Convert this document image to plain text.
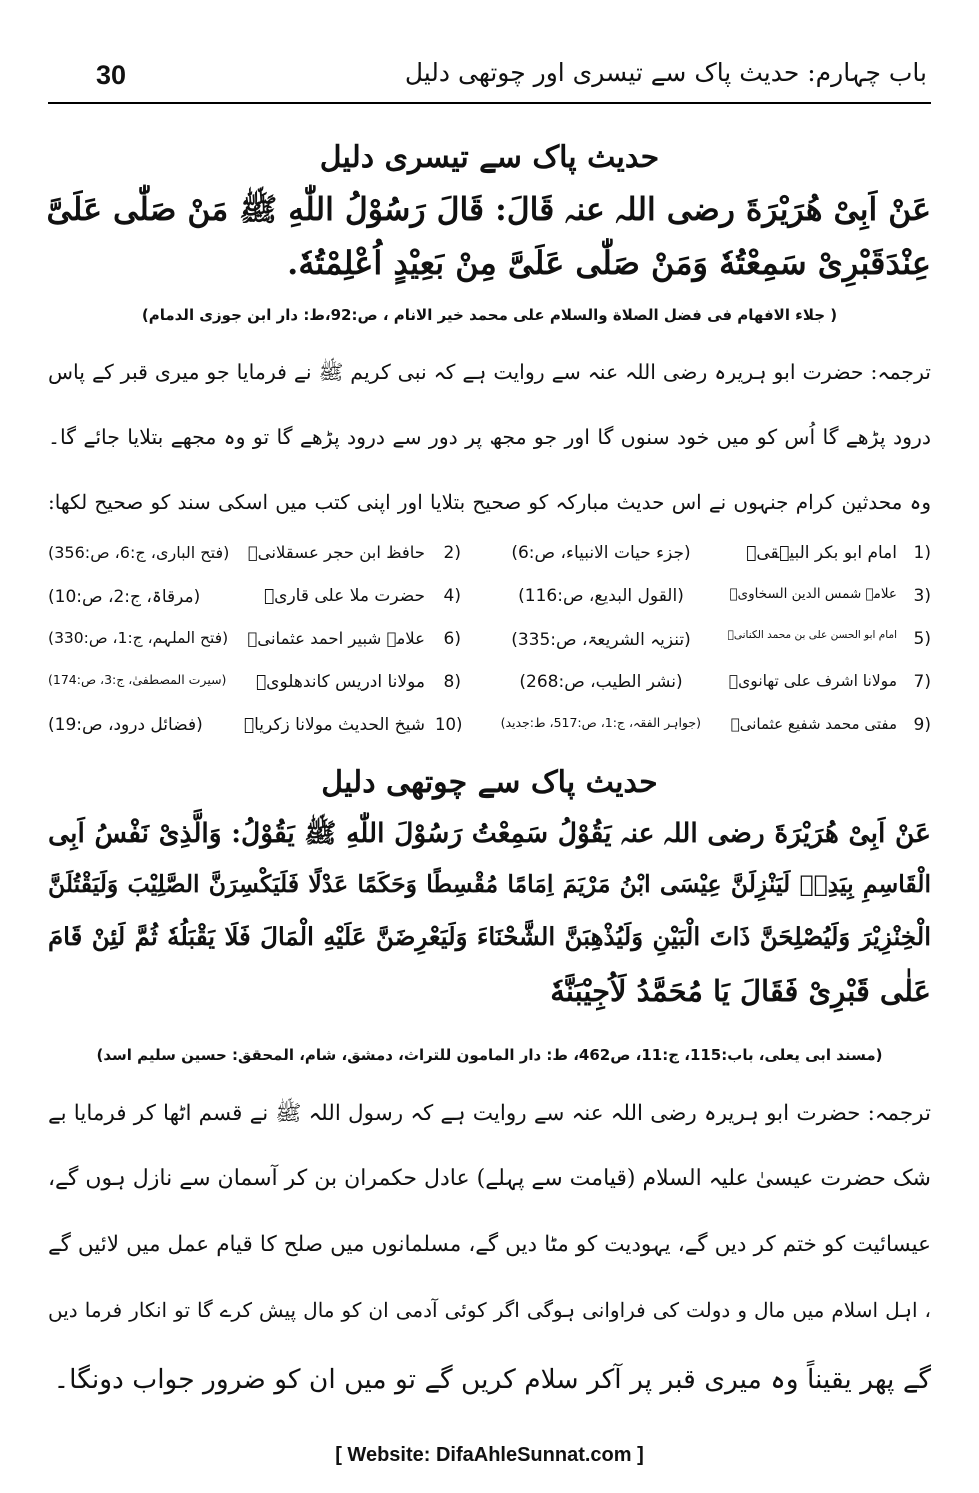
باب چہارم: حدیث پاک سے تیسری اور چوتھی دلیل
30
حدیث پاک سے تیسری دلیل
عَنْ اَبِیْ هُرَیْرَةَ رضی اللہ عنہ قَالَ: قَالَ رَسُوْلُ اللّٰهِ ﷺ مَنْ صَلّٰی عَلَیَّ
عِنْدَقَبْرِیْ سَمِعْتُهٗ وَمَنْ صَلّٰی عَلَیَّ مِنْ بَعِیْدٍ اُعْلِمْتُهٗ.
( جلاء الافهام فی فضل الصلاة والسلام علی محمد خیر الانام ، ص:92،ط: دار ابن جوزی الدمام)
ترجمہ: حضرت ابو ہریرہ رضی اللہ عنہ سے روایت ہے کہ نبی کریم ﷺ نے فرمایا جو میری قبر کے پاس
درود پڑھے گا اُس کو میں خود سنوں گا اور جو مجھ پر دور سے درود پڑھے گا تو وہ مجھے بتلایا جائے گا۔
وہ محدثین کرام جنہوں نے اس حدیث مبارکہ کو صحیح بتلایا اور اپنی کتب میں اسکی سند کو صحیح لکھا:
1)
امام ابو بکر البیہقیؒ
(جزء حیات الانبیاء، ص:6)
2)
حافظ ابن حجر عسقلانیؒ
(فتح الباری، ج:6، ص:356)
3)
علامہ شمس الدین السخاویؒ
(القول البدیع، ص:116)
4)
حضرت ملا علی قاریؒ
(مرقاۃ، ج:2، ص:10)
5)
امام ابو الحسن علی بن محمد الکنانیؒ
(تنزیہ الشریعۃ، ص:335)
6)
علامہ شبیر احمد عثمانیؒ
(فتح الملہم، ج:1، ص:330)
7)
مولانا اشرف علی تھانویؒ
(نشر الطیب، ص:268)
8)
مولانا ادریس کاندھلویؒ
(سیرت المصطفیٰ، ج:3، ص:174)
9)
مفتی محمد شفیع عثمانیؒ
(جواہر الفقہ، ج:1، ص:517، ط:جدید)
10)
شیخ الحدیث مولانا زکریاؒ
(فضائل درود، ص:19)
حدیث پاک سے چوتھی دلیل
عَنْ اَبِیْ هُرَیْرَةَ رضی اللہ عنہ یَقُوْلُ سَمِعْتُ رَسُوْلَ اللّٰهِ ﷺ یَقُوْلُ: وَالَّذِیْ نَفْسُ اَبِی
الْقَاسِمِ بِیَدِهٖ لَیَنْزِلَنَّ عِیْسَی ابْنُ مَرْیَمَ اِمَامًا مُقْسِطًا وَحَکَمًا عَدْلًا فَلَیَکْسِرَنَّ الصَّلِیْبَ وَلَیَقْتُلَنَّ
الْخِنْزِیْرَ وَلَیُصْلِحَنَّ ذَاتَ الْبَیْنِ وَلَیُذْهِبَنَّ الشَّحْنَاءَ وَلَیَعْرِضَنَّ عَلَیْهِ الْمَالَ فَلَا یَقْبَلُهٗ ثُمَّ لَئِنْ قَامَ
عَلٰی قَبْرِیْ فَقَالَ یَا مُحَمَّدُ لَاُجِیْبَنَّهٗ
(مسند ابی یعلی، باب:115، ج:11، ص462، ط: دار المامون للتراث، دمشق، شام، المحقق: حسین سلیم اسد)
ترجمہ: حضرت ابو ہریرہ رضی اللہ عنہ سے روایت ہے کہ رسول اللہ ﷺ نے قسم اٹھا کر فرمایا بے
شک حضرت عیسیٰ علیہ السلام (قیامت سے پہلے) عادل حکمران بن کر آسمان سے نازل ہوں گے،
عیسائیت کو ختم کر دیں گے، یہودیت کو مٹا دیں گے، مسلمانوں میں صلح کا قیام عمل میں لائیں گے
، اہل اسلام میں مال و دولت کی فراوانی ہوگی اگر کوئی آدمی ان کو مال پیش کرے گا تو انکار فرما دیں
گے پھر یقیناً وہ میری قبر پر آکر سلام کریں گے تو میں ان کو ضرور جواب دونگا۔
[ Website: DifaAhleSunnat.com ]
